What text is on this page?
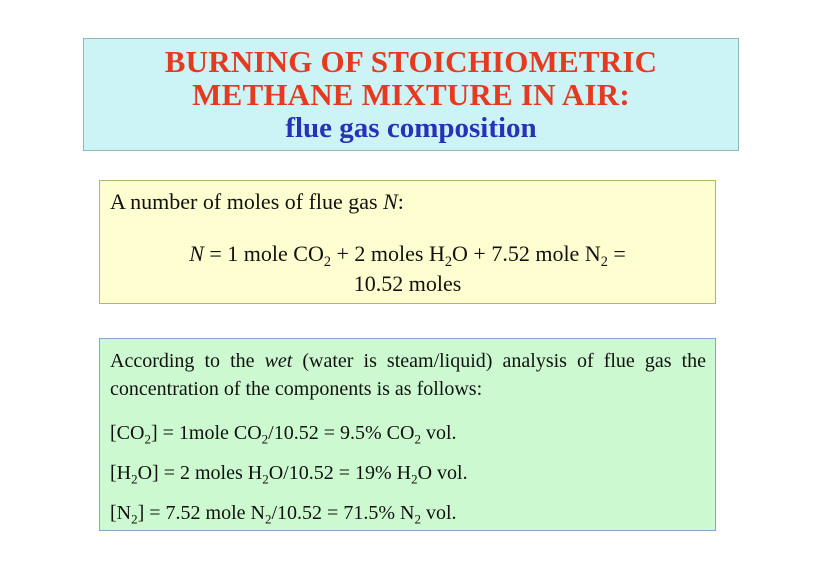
BURNING OF STOICHIOMETRIC
METHANE MIXTURE IN AIR:
flue gas composition
A number of moles of flue gas N:
N = 1 mole $CO_2 + 2$ moles $H_2O + 7.52$ mole $N_2$ =
10.52 moles
According to the wet (water is steam/liquid) analysis of flue gas the concentration of the components is as follows:
$[CO_2]$ = 1mole $CO_2/10.52 = 9.5\%$ $CO_2$ vol.
$[H_2O] = 2$ moles $H_2O/10.52 = 19\%$ $H_2O$ vol.
$[N_2] = 7.52$ mole $N_2/10.52 = 71.5\%$ $N_2$ vol.
